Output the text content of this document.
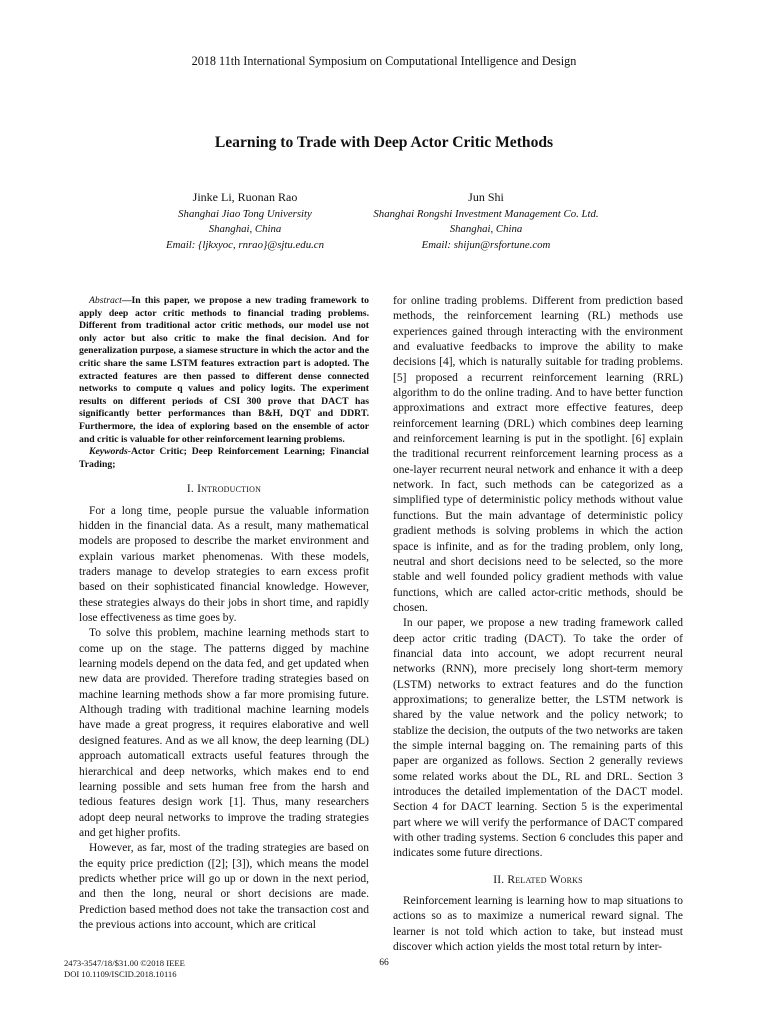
2018 11th International Symposium on Computational Intelligence and Design
Learning to Trade with Deep Actor Critic Methods
Jinke Li, Ruonan Rao
Shanghai Jiao Tong University
Shanghai, China
Email: {ljkxyoc, rnrao}@sjtu.edu.cn
Jun Shi
Shanghai Rongshi Investment Management Co. Ltd.
Shanghai, China
Email: shijun@rsfortune.com

Abstract—In this paper, we propose a new trading framework to apply deep actor critic methods to financial trading problems. Different from traditional actor critic methods, our model use not only actor but also critic to make the final decision. And for generalization purpose, a siamese structure in which the actor and the critic share the same LSTM features extraction part is adopted. The extracted features are then passed to different dense connected networks to compute q values and policy logits. The experiment results on different periods of CSI 300 prove that DACT has significantly better performances than B&H, DQT and DDRT. Furthermore, the idea of exploring based on the ensemble of actor and critic is valuable for other reinforcement learning problems.

Keywords-Actor Critic; Deep Reinforcement Learning; Financial Trading;

I. Introduction

For a long time, people pursue the valuable information hidden in the financial data. As a result, many mathematical models are proposed to describe the market environment and explain various market phenomenas. With these models, traders manage to develop strategies to earn excess profit based on their sophisticated financial knowledge. However, these strategies always do their jobs in short time, and rapidly lose effectiveness as time goes by.

To solve this problem, machine learning methods start to come up on the stage. The patterns digged by machine learning models depend on the data fed, and get updated when new data are provided. Therefore trading strategies based on machine learning methods show a far more promising future. Although trading with traditional machine learning models have made a great progress, it requires elaborative and well designed features. And as we all know, the deep learning (DL) approach automaticall extracts useful features through the hierarchical and deep networks, which makes end to end learning possible and sets human free from the harsh and tedious features design work [1]. Thus, many researchers adopt deep neural networks to improve the trading strategies and get higher profits.

However, as far, most of the trading strategies are based on the equity price prediction ([2]; [3]), which means the model predicts whether price will go up or down in the next period, and then the long, neural or short decisions are made. Prediction based method does not take the transaction cost and the previous actions into account, which are critical

for online trading problems. Different from prediction based methods, the reinforcement learning (RL) methods use experiences gained through interacting with the environment and evaluative feedbacks to improve the ability to make decisions [4], which is naturally suitable for trading problems. [5] proposed a recurrent reinforcement learning (RRL) algorithm to do the online trading. And to have better function approximations and extract more effective features, deep reinforcement learning (DRL) which combines deep learning and reinforcement learning is put in the spotlight. [6] explain the traditional recurrent reinforcement learning process as a one-layer recurrent neural network and enhance it with a deep network. In fact, such methods can be categorized as a simplified type of deterministic policy methods without value functions. But the main advantage of deterministic policy gradient methods is solving problems in which the action space is infinite, and as for the trading problem, only long, neutral and short decisions need to be selected, so the more stable and well founded policy gradient methods with value functions, which are called actor-critic methods, should be chosen.

In our paper, we propose a new trading framework called deep actor critic trading (DACT). To take the order of financial data into account, we adopt recurrent neural networks (RNN), more precisely long short-term memory (LSTM) networks to extract features and do the function approximations; to generalize better, the LSTM network is shared by the value network and the policy network; to stablize the decision, the outputs of the two networks are taken the simple internal bagging on. The remaining parts of this paper are organized as follows. Section 2 generally reviews some related works about the DL, RL and DRL. Section 3 introduces the detailed implementation of the DACT model. Section 4 for DACT learning. Section 5 is the experimental part where we will verify the performance of DACT compared with other trading systems. Section 6 concludes this paper and indicates some future directions.

II. Related Works

Reinforcement learning is learning how to map situations to actions so as to maximize a numerical reward signal. The learner is not told which action to take, but instead must discover which action yields the most total return by inter-

2473-3547/18/$31.00 ©2018 IEEE
DOI 10.1109/ISCID.2018.10116
66
